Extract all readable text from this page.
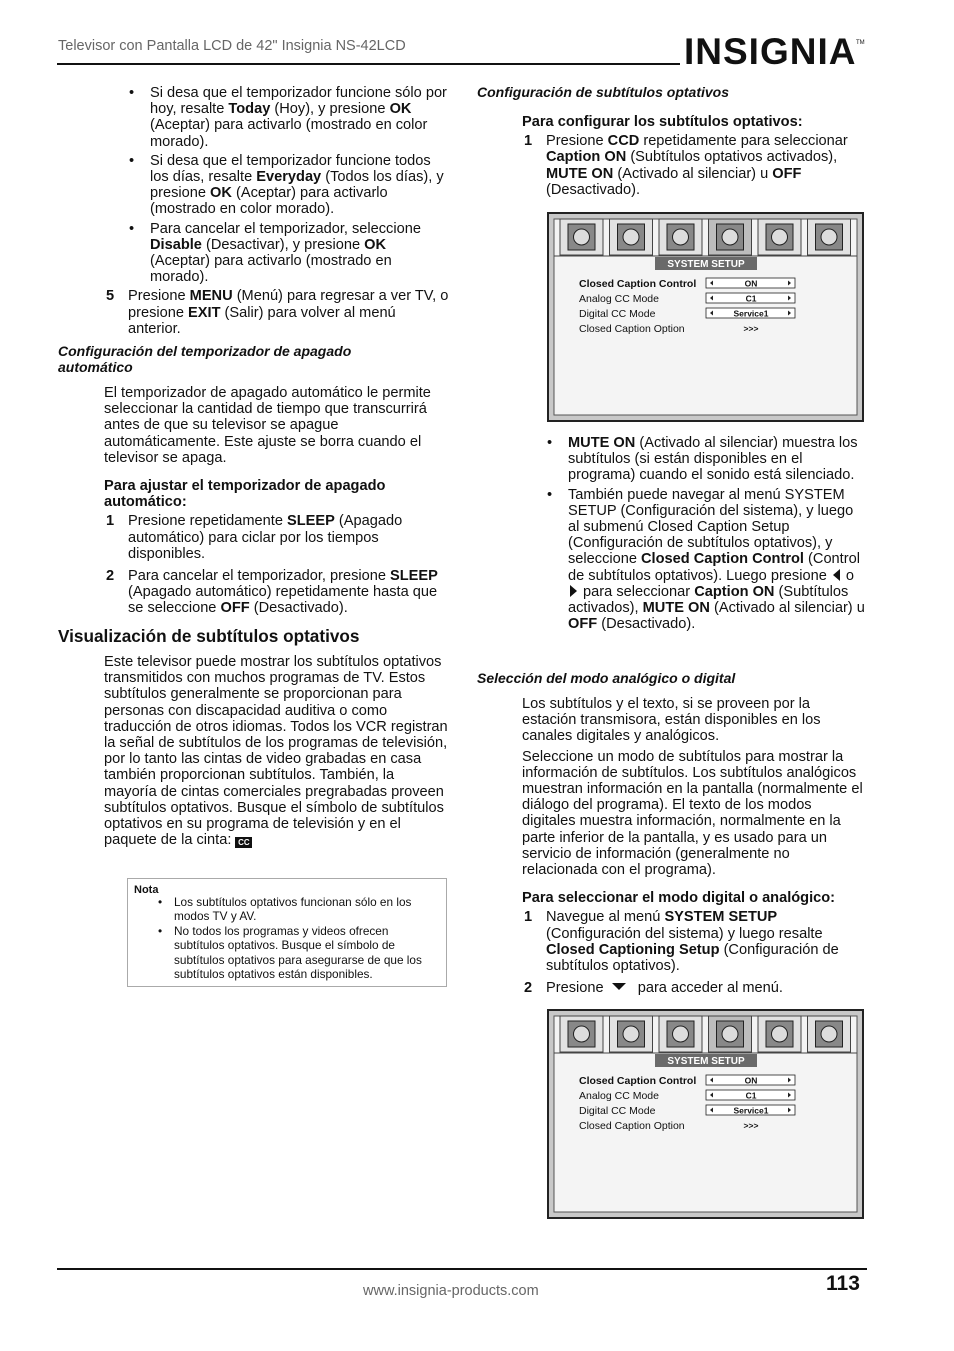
Televisor con Pantalla LCD de 42" Insignia NS-42LCD	INSIGNIA TM
• Si desa que el temporizador funcione sólo por hoy, resalte Today (Hoy), y presione OK (Aceptar) para activarlo (mostrado en color morado).
• Si desa que el temporizador funcione todos los días, resalte Everyday (Todos los días), y presione OK (Aceptar) para activarlo (mostrado en color morado).
• Para cancelar el temporizador, seleccione Disable (Desactivar), y presione OK (Aceptar) para activarlo (mostrado en morado).
5 Presione MENU (Menú) para regresar a ver TV, o presione EXIT (Salir) para volver al menú anterior.
Configuración del temporizador de apagado automático

El temporizador de apagado automático le permite seleccionar la cantidad de tiempo que transcurrirá antes de que su televisor se apague automáticamente. Este ajuste se borra cuando el televisor se apaga.

Para ajustar el temporizador de apagado automático:

1 Presione repetidamente SLEEP (Apagado automático) para ciclar por los tiempos disponibles.
2 Para cancelar el temporizador, presione SLEEP (Apagado automático) repetidamente hasta que se seleccione OFF (Desactivado).
Visualización de subtítulos optativos

Este televisor puede mostrar los subtítulos optativos transmitidos con muchos programas de TV. Estos subtítulos generalmente se proporcionan para personas con discapacidad auditiva o como traducción de otros idiomas. Todos los VCR registran la señal de subtítulos de los programas de televisión, por lo tanto las cintas de video grabadas en casa también proporcionan subtítulos. También, la mayoría de cintas comerciales pregrabadas proveen subtítulos optativos. Busque el símbolo de subtítulos optativos en su programa de televisión y en el paquete de la cinta: CC

Nota
• Los subtítulos optativos funcionan sólo en los modos TV y AV.
• No todos los programas y videos ofrecen subtítulos optativos. Busque el símbolo de subtítulos optativos para asegurarse de que los subtítulos optativos están disponibles.
Configuración de subtítulos optativos

Para configurar los subtítulos optativos:

1 Presione CCD repetidamente para seleccionar Caption ON (Subtítulos optativos activados), MUTE ON (Activado al silenciar) u OFF (Desactivado).
SYSTEM SETUP
Closed Caption Control	ON
Analog CC Mode	C1
Digital CC Mode	Service1
Closed Caption Option	>>>
• MUTE ON (Activado al silenciar) muestra los subtítulos (si están disponibles en el programa) cuando el sonido está silenciado.
• También puede navegar al menú SYSTEM SETUP (Configuración del sistema), y luego al submenú Closed Caption Setup (Configuración de subtítulos optativos), y seleccione Closed Caption Control (Control de subtítulos optativos). Luego presione  o  para seleccionar Caption ON (Subtítulos activados), MUTE ON (Activado al silenciar) u OFF (Desactivado).
Selección del modo analógico o digital

Los subtítulos y el texto, si se proveen por la estación transmisora, están disponibles en los canales digitales y analógicos.

Seleccione un modo de subtítulos para mostrar la información de subtítulos. Los subtítulos analógicos muestran información en la pantalla (normalmente el diálogo del programa). El texto de los modos digitales muestra información, normalmente en la parte inferior de la pantalla, y es usado para un servicio de información (generalmente no relacionada con el programa).

Para seleccionar el modo digital o analógico:

1 Navegue al menú SYSTEM SETUP (Configuración del sistema) y luego resalte Closed Captioning Setup (Configuración de subtítulos optativos).
2 Presione  para acceder al menú.
SYSTEM SETUP
Closed Caption Control	ON
Analog CC Mode	C1
Digital CC Mode	Service1
Closed Caption Option	>>>
www.insignia-products.com	113
